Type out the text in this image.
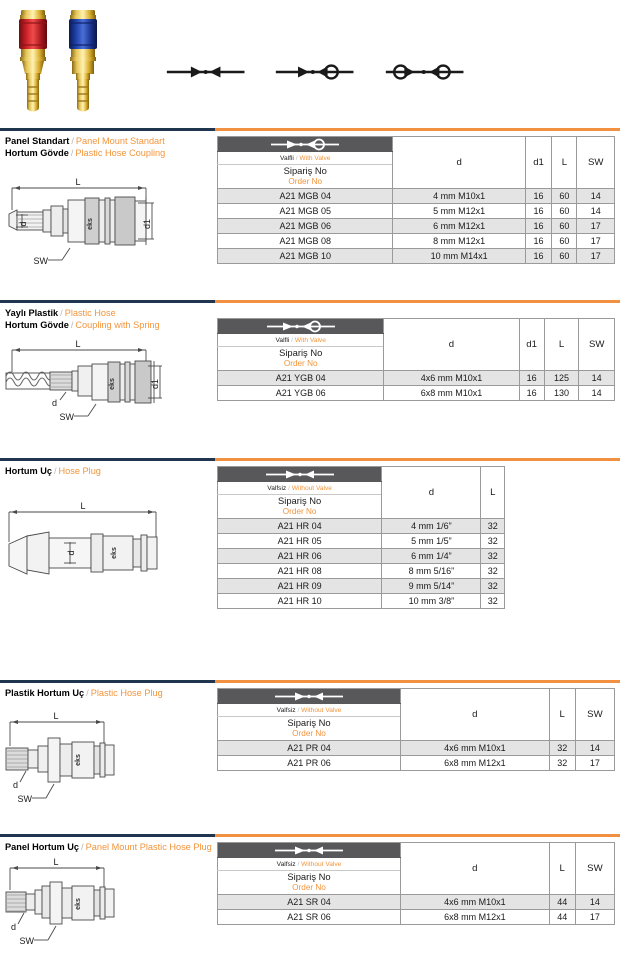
Panel Standart / Panel Mount Standart
Hortum Gövde / Plastic Hose Coupling
L
d1
d
SW
eks
	d	d1	L	SW
Valfli / With Valve				

Sipariş No
Order No				

A21 MGB 04	4 mm M10x1	16	60	14
A21 MGB 05	5 mm M12x1	16	60	14
A21 MGB 06	6 mm M12x1	16	60	17
A21 MGB 08	8 mm M12x1	16	60	17
A21 MGB 10	10 mm M14x1	16	60	17
Yaylı Plastik / Plastic Hose
Hortum Gövde / Coupling with Spring
L
d1
d
SW
eks
	d	d1	L	SW
Valfli / With Valve				

Sipariş No
Order No				

A21 YGB 04	4x6 mm M10x1	16	125	14
A21 YGB 06	6x8 mm M10x1	16	130	14
Hortum Uç / Hose Plug
L
d	eks
	d	L
Valfsiz / Without Valve		

Sipariş No
Order No		

A21 HR 04	4 mm 1/6”	32
A21 HR 05	5 mm 1/5”	32
A21 HR 06	6 mm 1/4”	32
A21 HR 08	8 mm 5/16”	32
A21 HR 09	9 mm 5/14”	32
A21 HR 10	10 mm 3/8”	32
Plastik Hortum Uç / Plastic Hose Plug
L
d
SW
eks
	d	L	SW
Valfsiz / Without Valve			

Sipariş No
Order No			

A21 PR 04	4x6 mm M10x1	32	14
A21 PR 06	6x8 mm M12x1	32	17
Panel Hortum Uç / Panel Mount Plastic Hose Plug
L
d
SW
eks
	d	L	SW
Valfsiz / Without Valve			

Sipariş No
Order No			

A21 SR 04	4x6 mm M10x1	44	14
A21 SR 06	6x8 mm M12x1	44	17
